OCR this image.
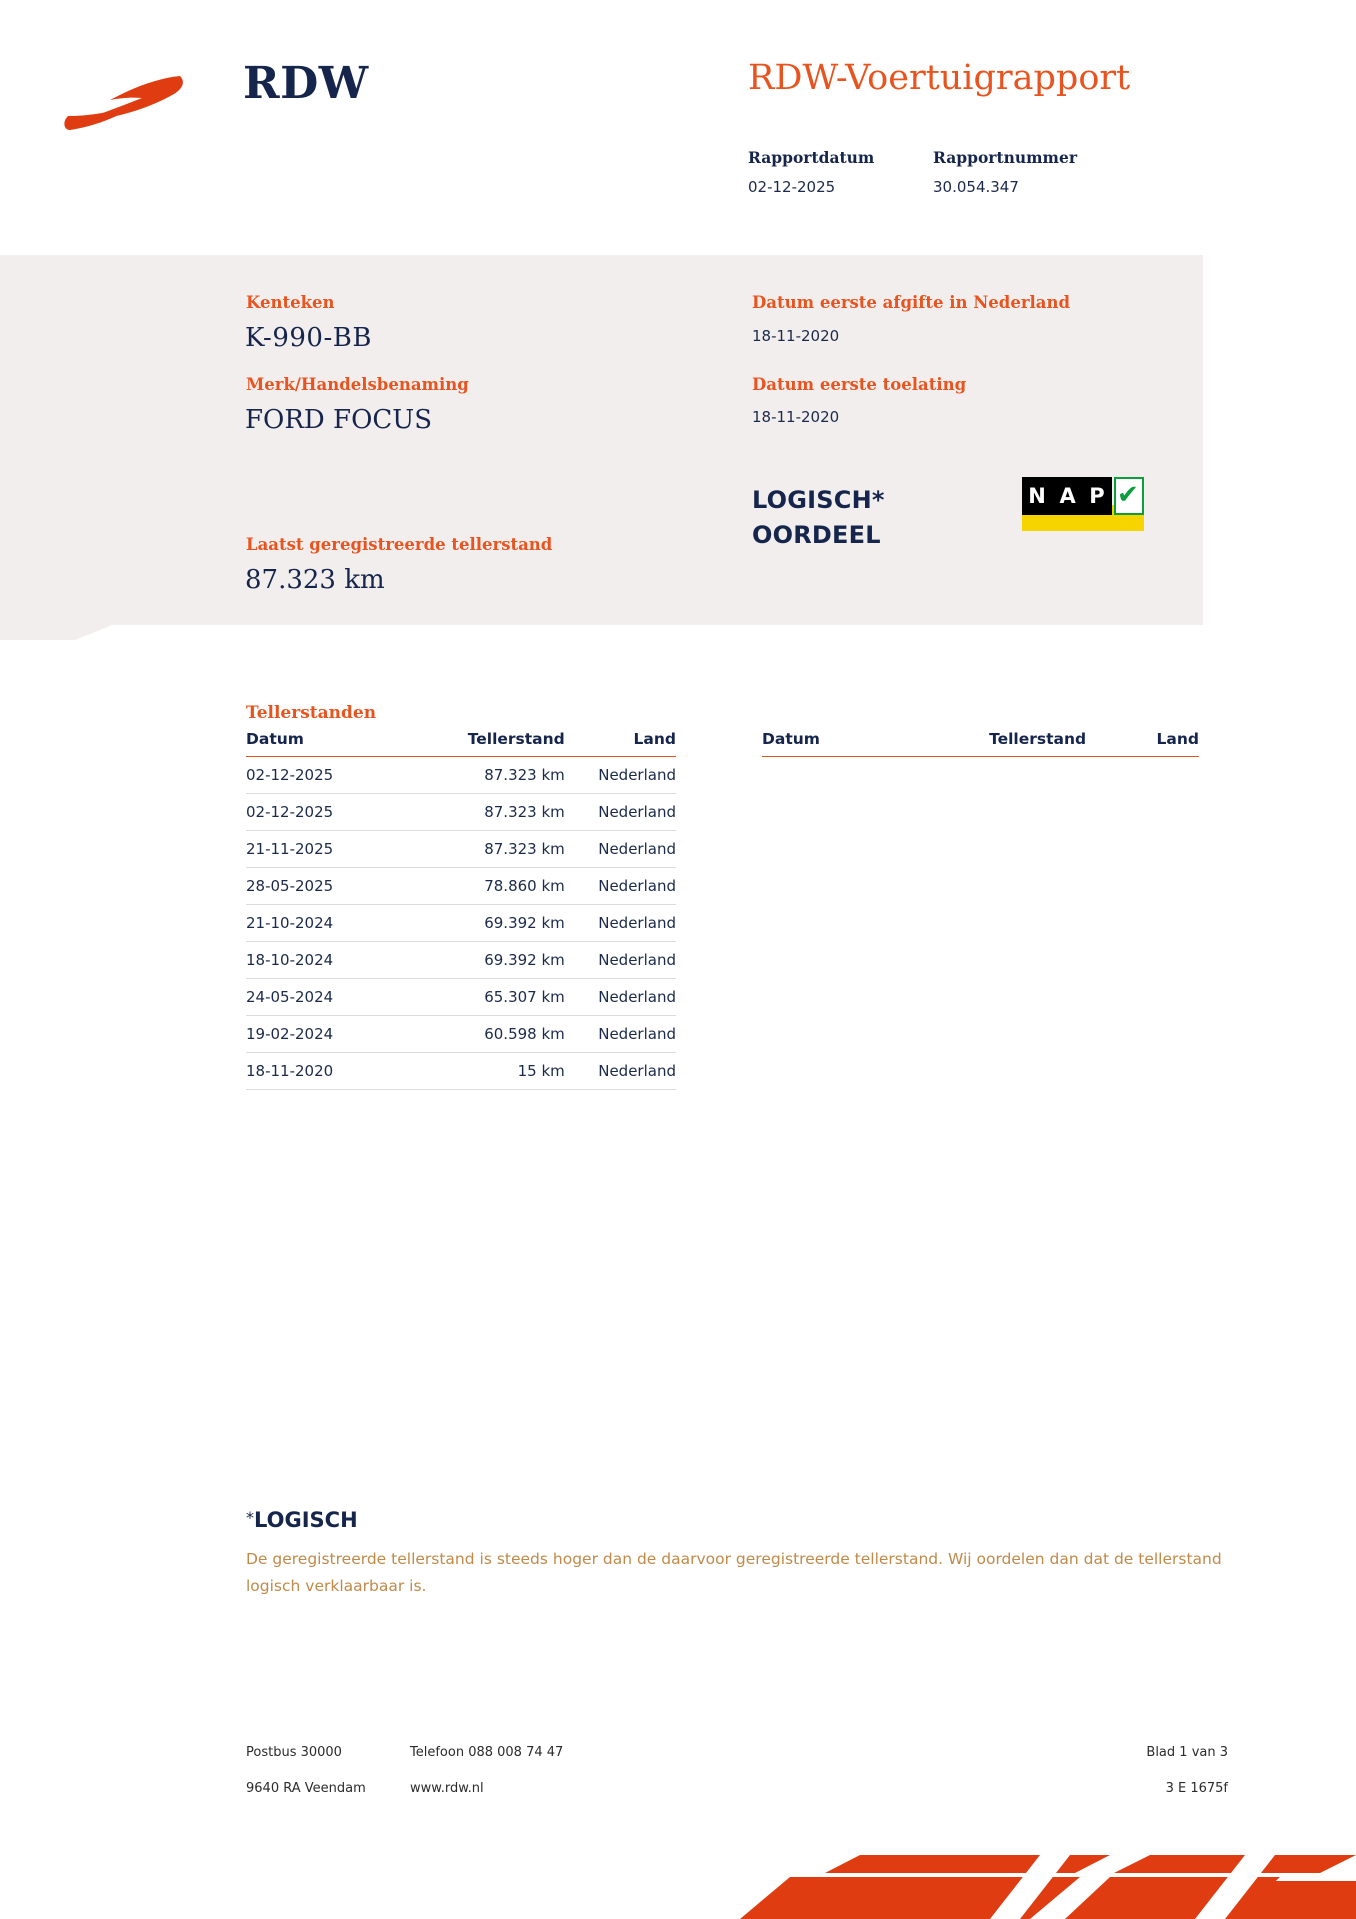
RDW	RDW-Voertuigrapport
Rapportdatum
02-12-2025
Rapportnummer
30.054.347
Kenteken
K-990-BB
Merk/Handelsbenaming
FORD FOCUS
Laatst geregistreerde tellerstand
87.323 km
Datum eerste afgifte in Nederland
18-11-2020
Datum eerste toelating
18-11-2020
LOGISCH*
OORDEEL
N A P ✔
Tellerstanden
Datum	Tellerstand	Land
02-12-2025	87.323 km	Nederland
02-12-2025	87.323 km	Nederland
21-11-2025	87.323 km	Nederland
28-05-2025	78.860 km	Nederland
21-10-2024	69.392 km	Nederland
18-10-2024	69.392 km	Nederland
24-05-2024	65.307 km	Nederland
19-02-2024	60.598 km	Nederland
18-11-2020	15 km	Nederland
Datum	Tellerstand	Land
*LOGISCH
De geregistreerde tellerstand is steeds hoger dan de daarvoor geregistreerde tellerstand. Wij oordelen dan dat de tellerstand logisch verklaarbaar is.
Postbus 30000	Telefoon 088 008 74 47	Blad 1 van 3
9640 RA Veendam	www.rdw.nl	3 E 1675f
